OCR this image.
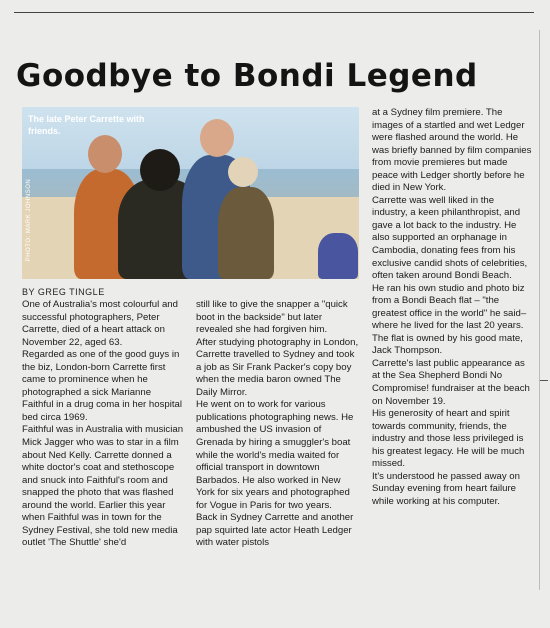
Goodbye to Bondi Legend
The late Peter Carrette with friends.
PHOTO: MARK JOHNSON
BY GREG TINGLE

One of Australia's most colourful and successful photographers, Peter Carrette, died of a heart attack on November 22, aged 63.

Regarded as one of the good guys in the biz, London-born Carrette first came to prominence when he photographed a sick Marianne Faithful in a drug coma in her hospital bed circa 1969.

Faithful was in Australia with musician Mick Jagger who was to star in a film about Ned Kelly. Carrette donned a white doctor's coat and stethoscope and snuck into Faithful's room and snapped the photo that was flashed around the world. Earlier this year when Faithful was in town for the Sydney Festival, she told new media outlet 'The Shuttle' she'd

still like to give the snapper a "quick boot in the backside" but later revealed she had forgiven him.

After studying photography in London, Carrette travelled to Sydney and took a job as Sir Frank Packer's copy boy when the media baron owned The Daily Mirror.

He went on to work for various publications photographing news. He ambushed the US invasion of Grenada by hiring a smuggler's boat while the world's media waited for official transport in downtown Barbados. He also worked in New York for six years and photographed for Vogue in Paris for two years.

Back in Sydney Carrette and another pap squirted late actor Heath Ledger with water pistols

at a Sydney film premiere. The images of a startled and wet Ledger were flashed around the world. He was briefly banned by film companies from movie premieres but made peace with Ledger shortly before he died in New York.

Carrette was well liked in the industry, a keen philanthropist, and gave a lot back to the industry. He also supported an orphanage in Cambodia, donating fees from his exclusive candid shots of celebrities, often taken around Bondi Beach.

He ran his own studio and photo biz from a Bondi Beach flat – "the greatest office in the world" he said– where he lived for the last 20 years. The flat is owned by his good mate, Jack Thompson.

Carrette's last public appearance as at the Sea Shepherd Bondi No Compromise! fundraiser at the beach on November 19.

His generosity of heart and spirit towards community, friends, the industry and those less privileged is his greatest legacy. He will be much missed.

It's understood he passed away on Sunday evening from heart failure while working at his computer.
